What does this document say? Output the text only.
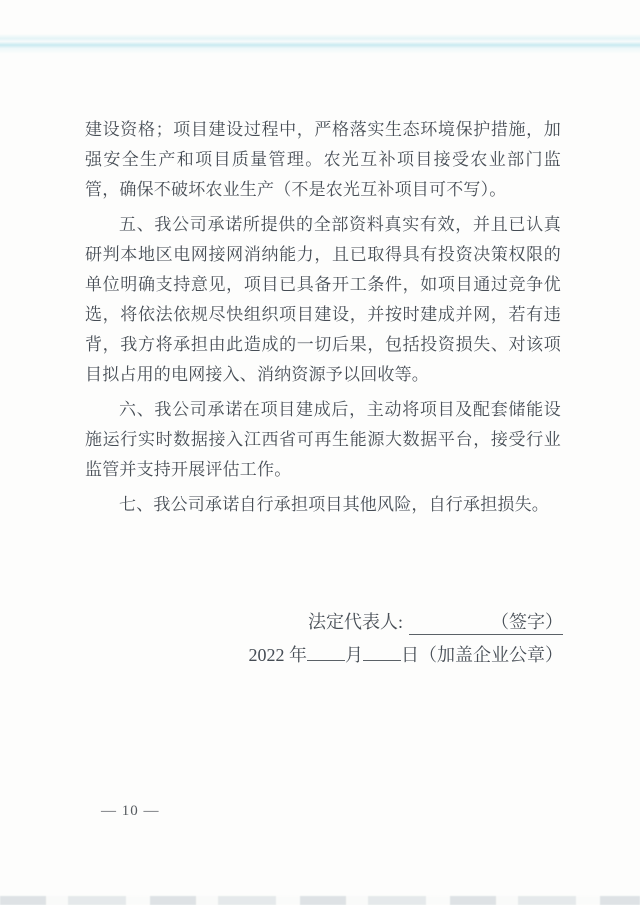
建设资格；项目建设过程中，严格落实生态环境保护措施，加强安全生产和项目质量管理。农光互补项目接受农业部门监管，确保不破坏农业生产（不是农光互补项目可不写）。

五、我公司承诺所提供的全部资料真实有效，并且已认真研判本地区电网接网消纳能力，且已取得具有投资决策权限的单位明确支持意见，项目已具备开工条件，如项目通过竞争优选，将依法依规尽快组织项目建设，并按时建成并网，若有违背，我方将承担由此造成的一切后果，包括投资损失、对该项目拟占用的电网接入、消纳资源予以回收等。

六、我公司承诺在项目建成后，主动将项目及配套储能设施运行实时数据接入江西省可再生能源大数据平台，接受行业监管并支持开展评估工作。

七、我公司承诺自行承担项目其他风险，自行承担损失。

法定代表人:	（签字）
2022 年 月 日（加盖企业公章）
— 10 —
